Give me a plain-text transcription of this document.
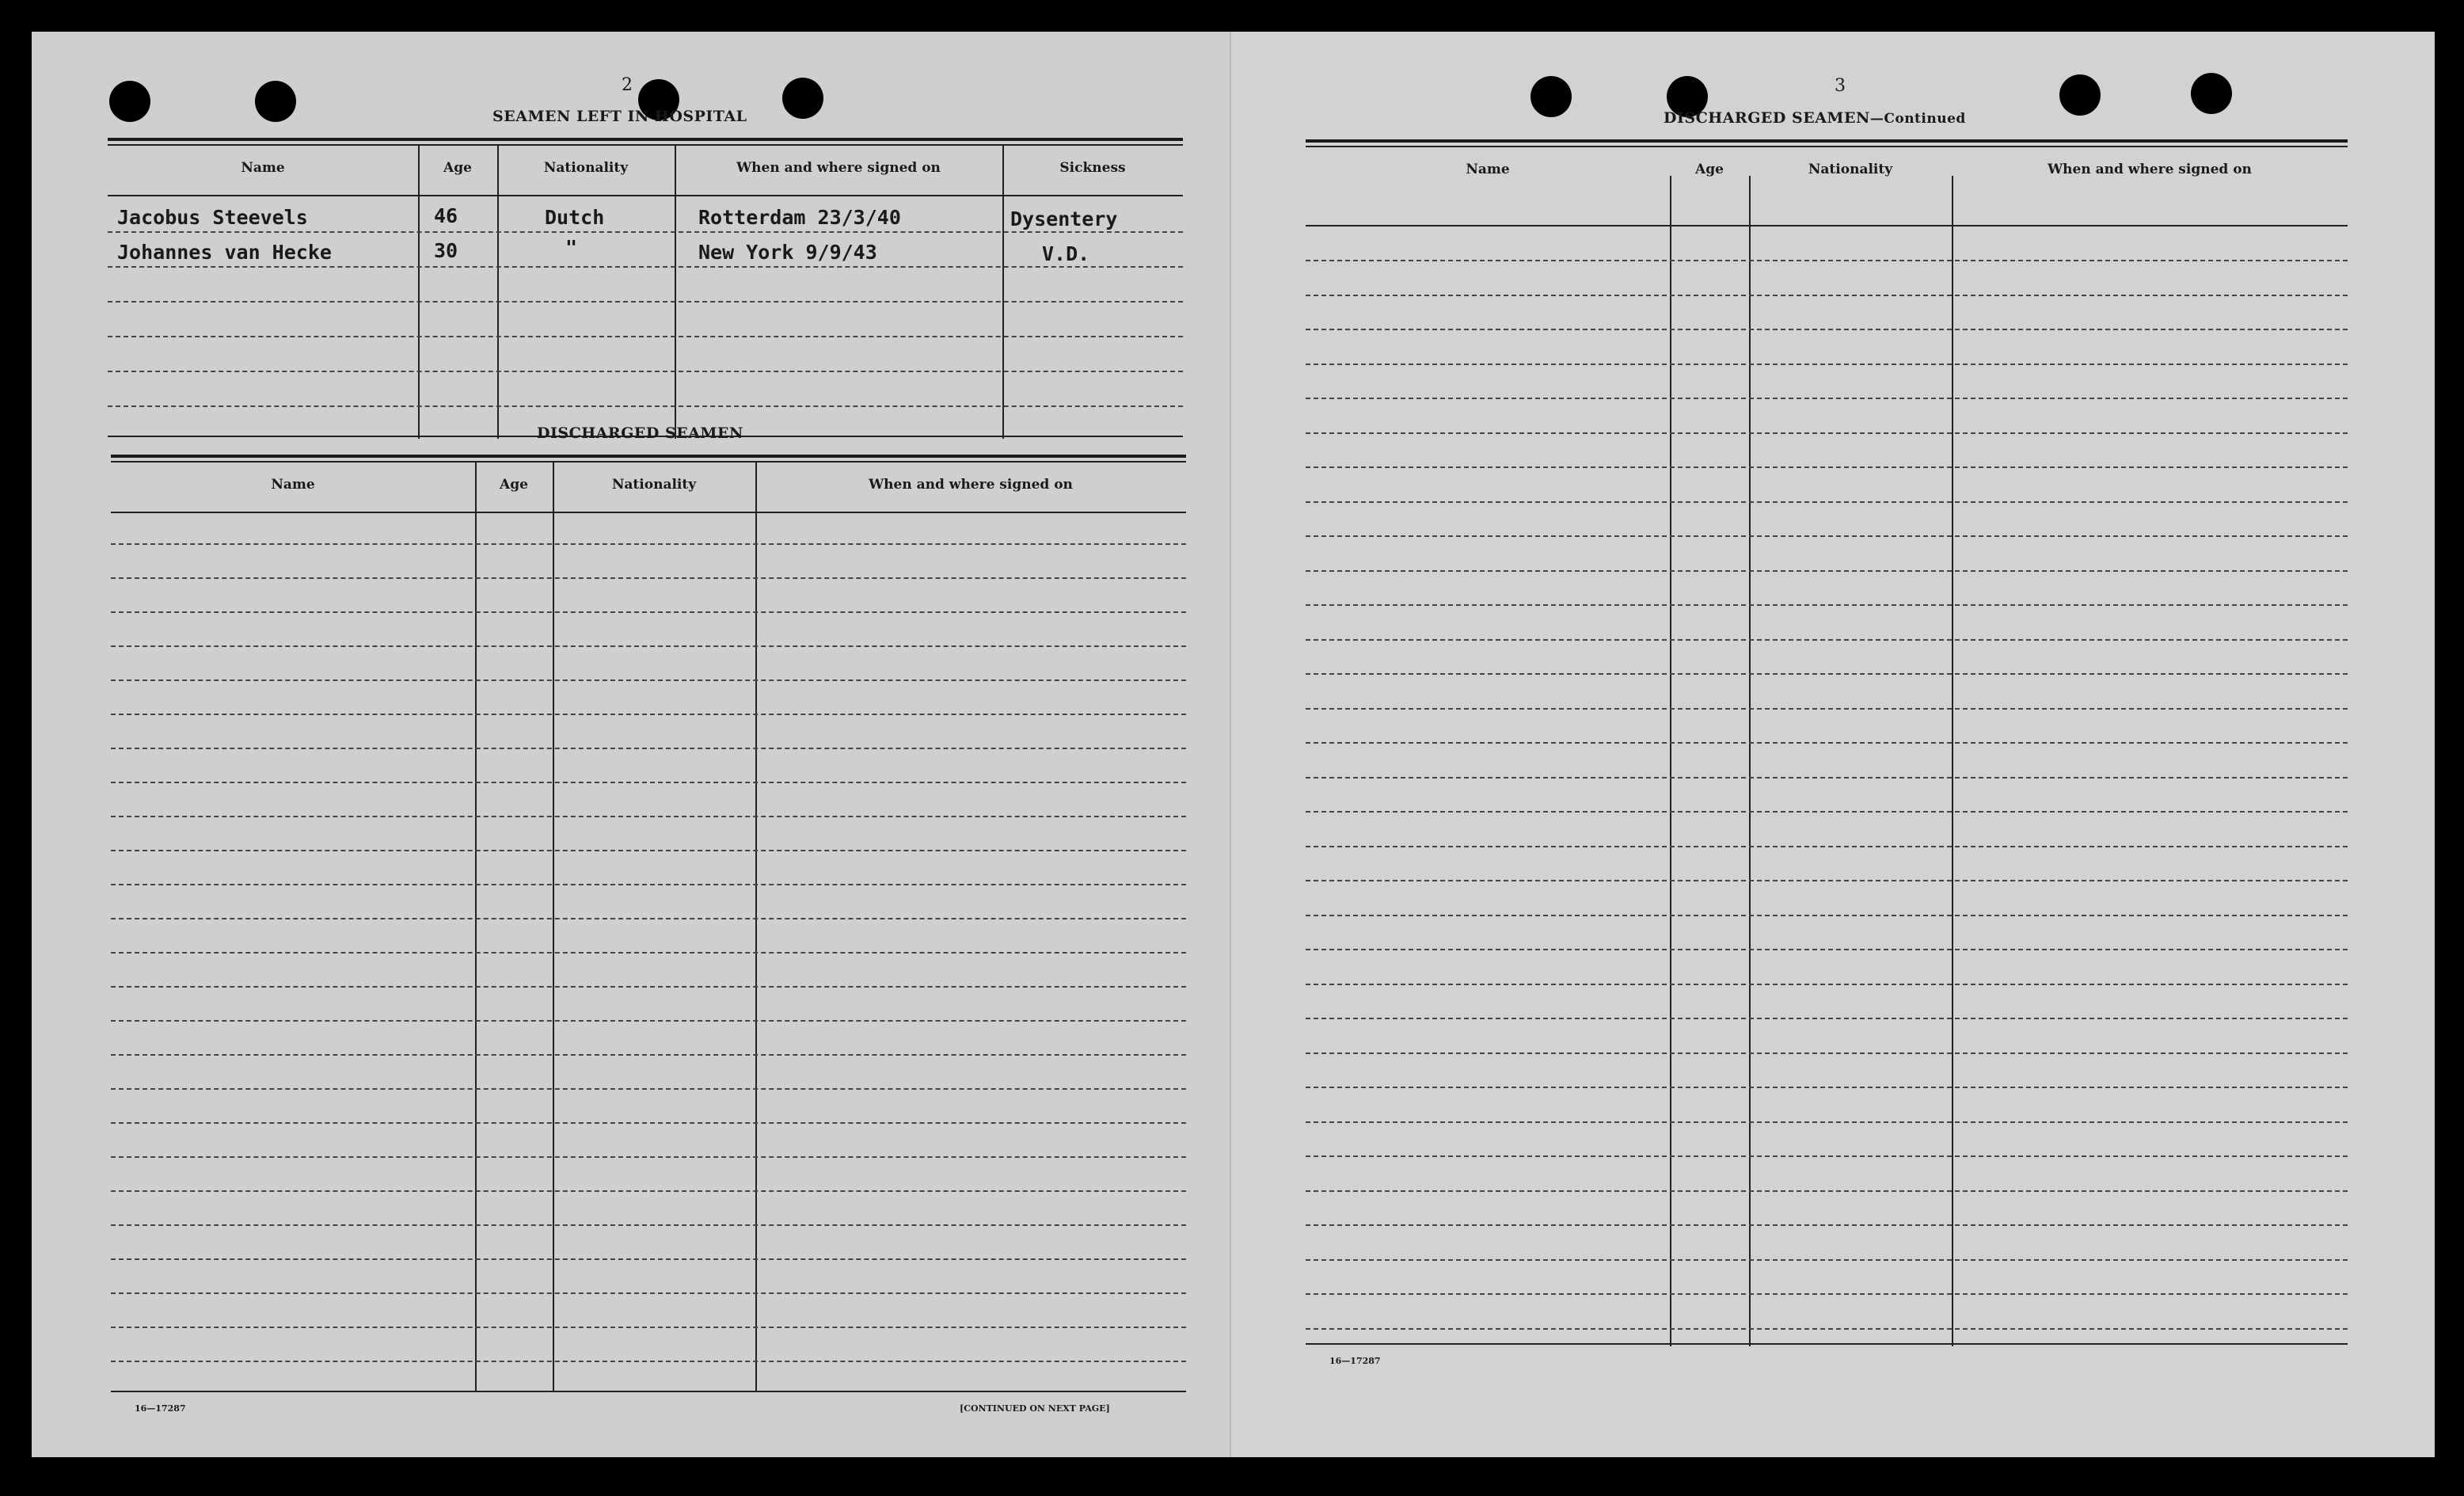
2
SEAMEN LEFT IN HOSPITAL
Name	Age	Nationality	When and where signed on	Sickness
Jacobus Steevels	46	Dutch	Rotterdam 23/3/40	Dysentery
Johannes van Hecke	30	"	New York 9/9/43	V.D.
DISCHARGED SEAMEN
Name	Age	Nationality	When and where signed on
16—17287	[CONTINUED ON NEXT PAGE]
3
DISCHARGED SEAMEN—Continued
Name	Age	Nationality	When and where signed on
16—17287
